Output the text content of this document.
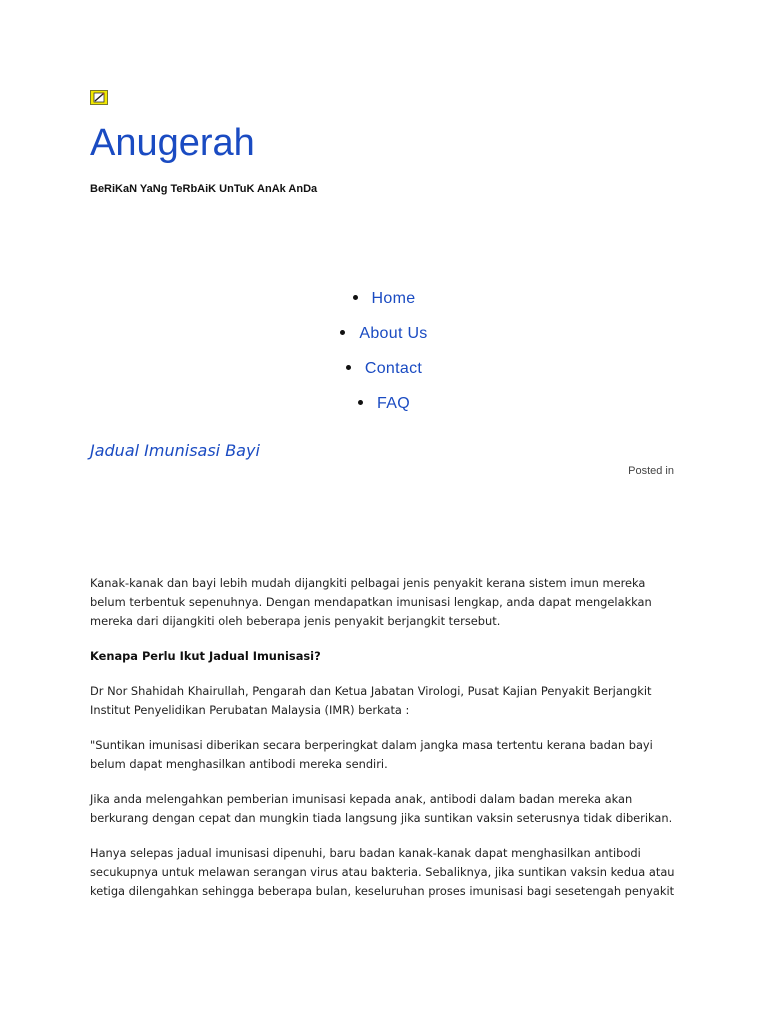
Anugerah

BeRiKaN YaNg TeRbAiK UnTuK AnAk AnDa

Home
About Us
Contact
FAQ
Jadual Imunisasi Bayi
Posted in

Kanak-kanak dan bayi lebih mudah dijangkiti pelbagai jenis penyakit kerana sistem imun mereka belum terbentuk sepenuhnya. Dengan mendapatkan imunisasi lengkap, anda dapat mengelakkan mereka dari dijangkiti oleh beberapa jenis penyakit berjangkit tersebut.

Kenapa Perlu Ikut Jadual Imunisasi?

Dr Nor Shahidah Khairullah, Pengarah dan Ketua Jabatan Virologi, Pusat Kajian Penyakit Berjangkit Institut Penyelidikan Perubatan Malaysia (IMR) berkata :

"Suntikan imunisasi diberikan secara berperingkat dalam jangka masa tertentu kerana badan bayi belum dapat menghasilkan antibodi mereka sendiri.

Jika anda melengahkan pemberian imunisasi kepada anak, antibodi dalam badan mereka akan berkurang dengan cepat dan mungkin tiada langsung jika suntikan vaksin seterusnya tidak diberikan.

Hanya selepas jadual imunisasi dipenuhi, baru badan kanak-kanak dapat menghasilkan antibodi secukupnya untuk melawan serangan virus atau bakteria. Sebaliknya, jika suntikan vaksin kedua atau ketiga dilengahkan sehingga beberapa bulan, keseluruhan proses imunisasi bagi sesetengah penyakit
